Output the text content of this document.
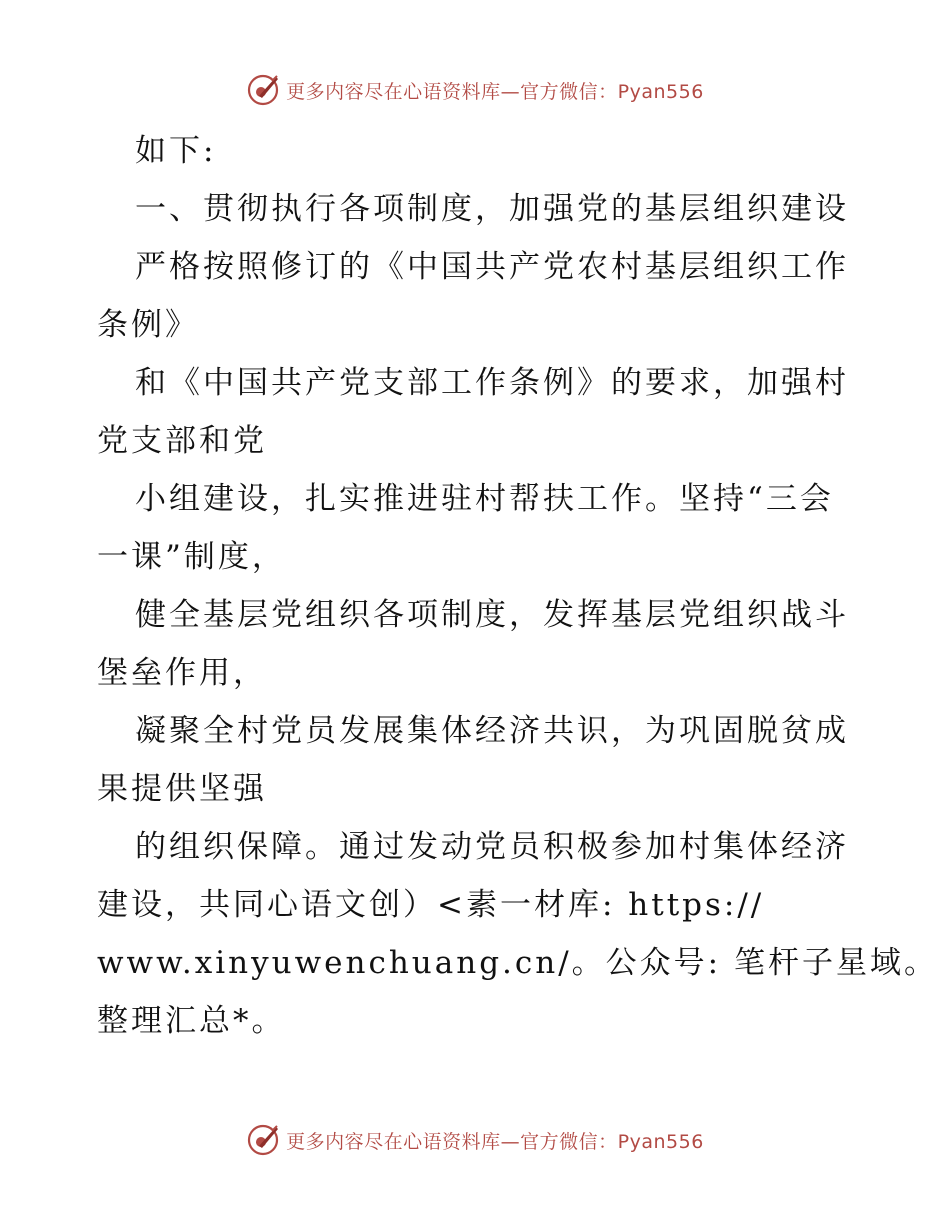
更多内容尽在心语资料库—官方微信：Pyan556
如下:
一、贯彻执行各项制度，加强党的基层组织建设
严格按照修订的《中国共产党农村基层组织工作
条例》
和《中国共产党支部工作条例》的要求，加强村
党支部和党
小组建设，扎实推进驻村帮扶工作。坚持“三会
一课”制度，
健全基层党组织各项制度，发挥基层党组织战斗
堡垒作用，
凝聚全村党员发展集体经济共识，为巩固脱贫成
果提供坚强
的组织保障。通过发动党员积极参加村集体经济
建设，共同心语文创）<素一材库: https://
www.xinyuwenchuang.cn/。公众号: 笔杆子星域。
整理汇总*。
更多内容尽在心语资料库—官方微信：Pyan556
